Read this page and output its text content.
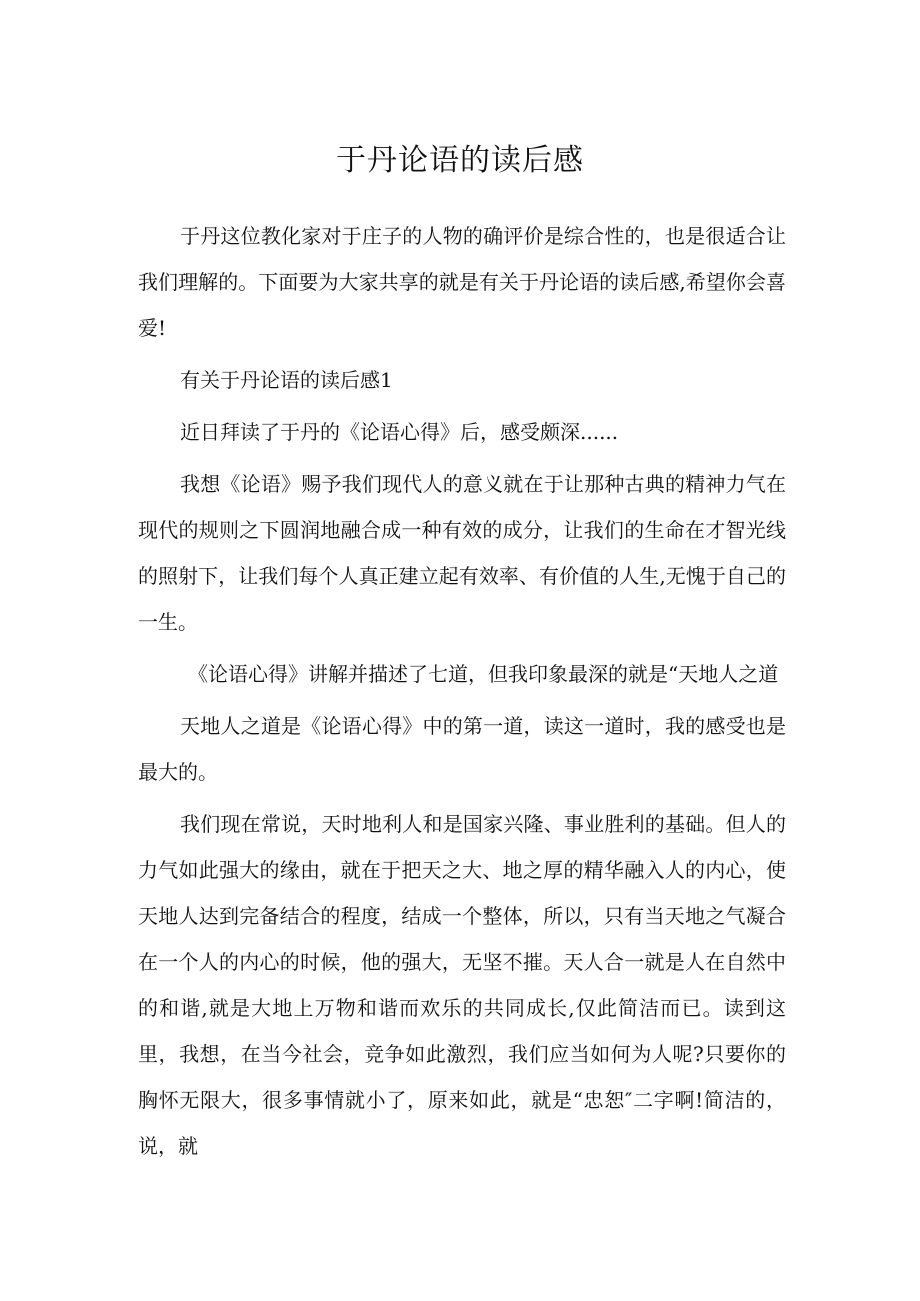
于丹论语的读后感

于丹这位教化家对于庄子的人物的确评价是综合性的，也是很适合让我们理解的。下面要为大家共享的就是有关于丹论语的读后感,希望你会喜爱!

有关于丹论语的读后感1

近日拜读了于丹的《论语心得》后，感受颇深......

我想《论语》赐予我们现代人的意义就在于让那种古典的精神力气在现代的规则之下圆润地融合成一种有效的成分，让我们的生命在才智光线的照射下，让我们每个人真正建立起有效率、有价值的人生,无愧于自己的一生。

《论语心得》讲解并描述了七道，但我印象最深的就是“天地人之道

天地人之道是《论语心得》中的第一道，读这一道时，我的感受也是最大的。

我们现在常说，天时地利人和是国家兴隆、事业胜利的基础。但人的力气如此强大的缘由，就在于把天之大、地之厚的精华融入人的内心，使天地人达到完备结合的程度，结成一个整体，所以，只有当天地之气凝合在一个人的内心的时候，他的强大，无坚不摧。天人合一就是人在自然中的和谐,就是大地上万物和谐而欢乐的共同成长,仅此简洁而已。读到这里，我想，在当今社会，竞争如此激烈，我们应当如何为人呢?只要你的胸怀无限大，很多事情就小了，原来如此，就是“忠恕″二字啊!简洁的，说，就
